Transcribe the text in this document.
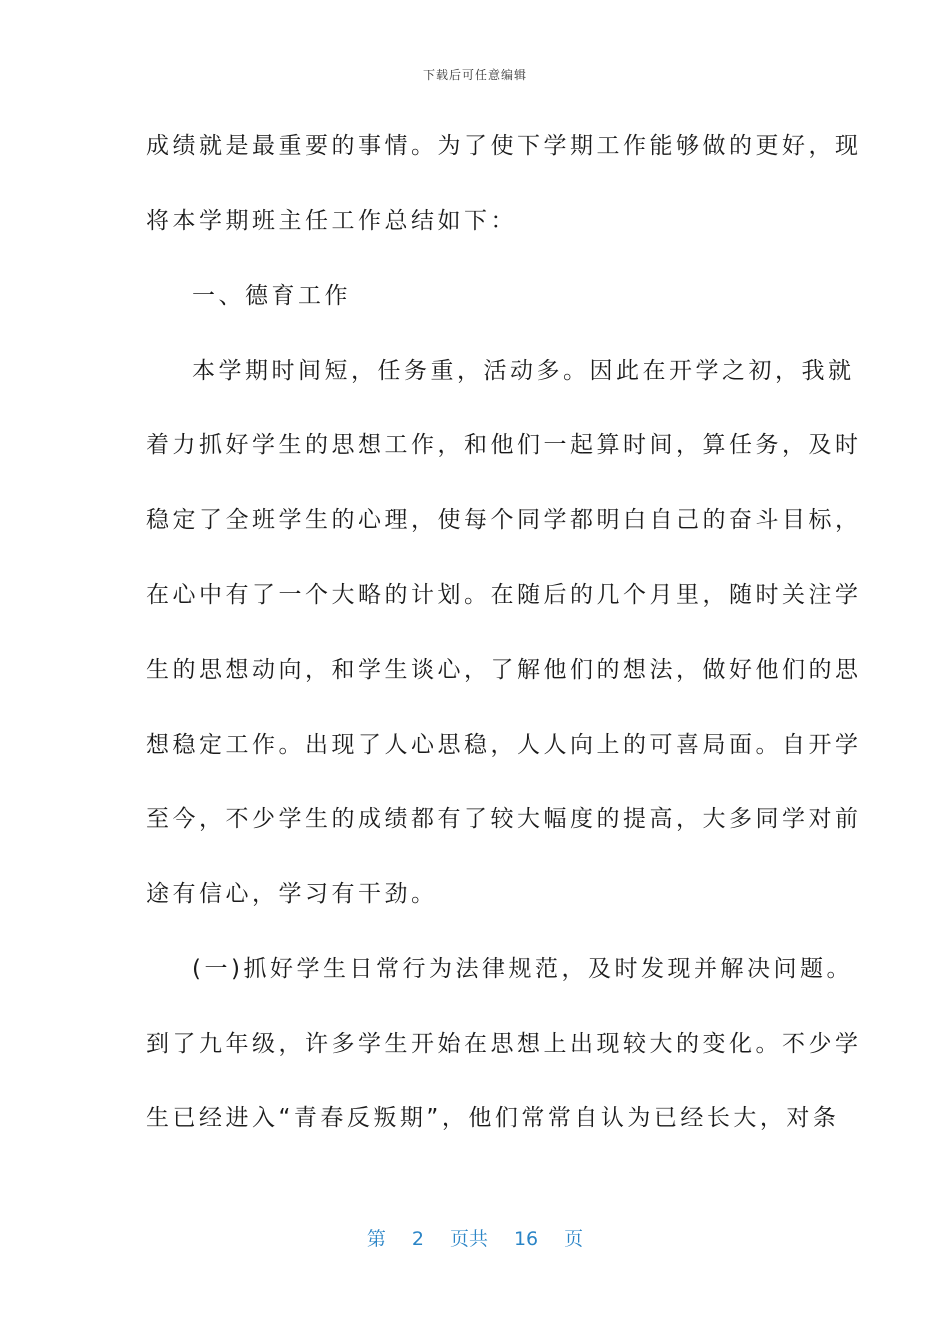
下载后可任意编辑
成绩就是最重要的事情。为了使下学期工作能够做的更好，现
将本学期班主任工作总结如下：
一、德育工作
本学期时间短，任务重，活动多。因此在开学之初，我就
着力抓好学生的思想工作，和他们一起算时间，算任务，及时
稳定了全班学生的心理，使每个同学都明白自己的奋斗目标，
在心中有了一个大略的计划。在随后的几个月里，随时关注学
生的思想动向，和学生谈心，了解他们的想法，做好他们的思
想稳定工作。出现了人心思稳，人人向上的可喜局面。自开学
至今，不少学生的成绩都有了较大幅度的提高，大多同学对前
途有信心，学习有干劲。
(一)抓好学生日常行为法律规范，及时发现并解决问题。
到了九年级，许多学生开始在思想上出现较大的变化。不少学
生已经进入“青春反叛期”，他们常常自认为已经长大，对条
第 2 页共 16 页
